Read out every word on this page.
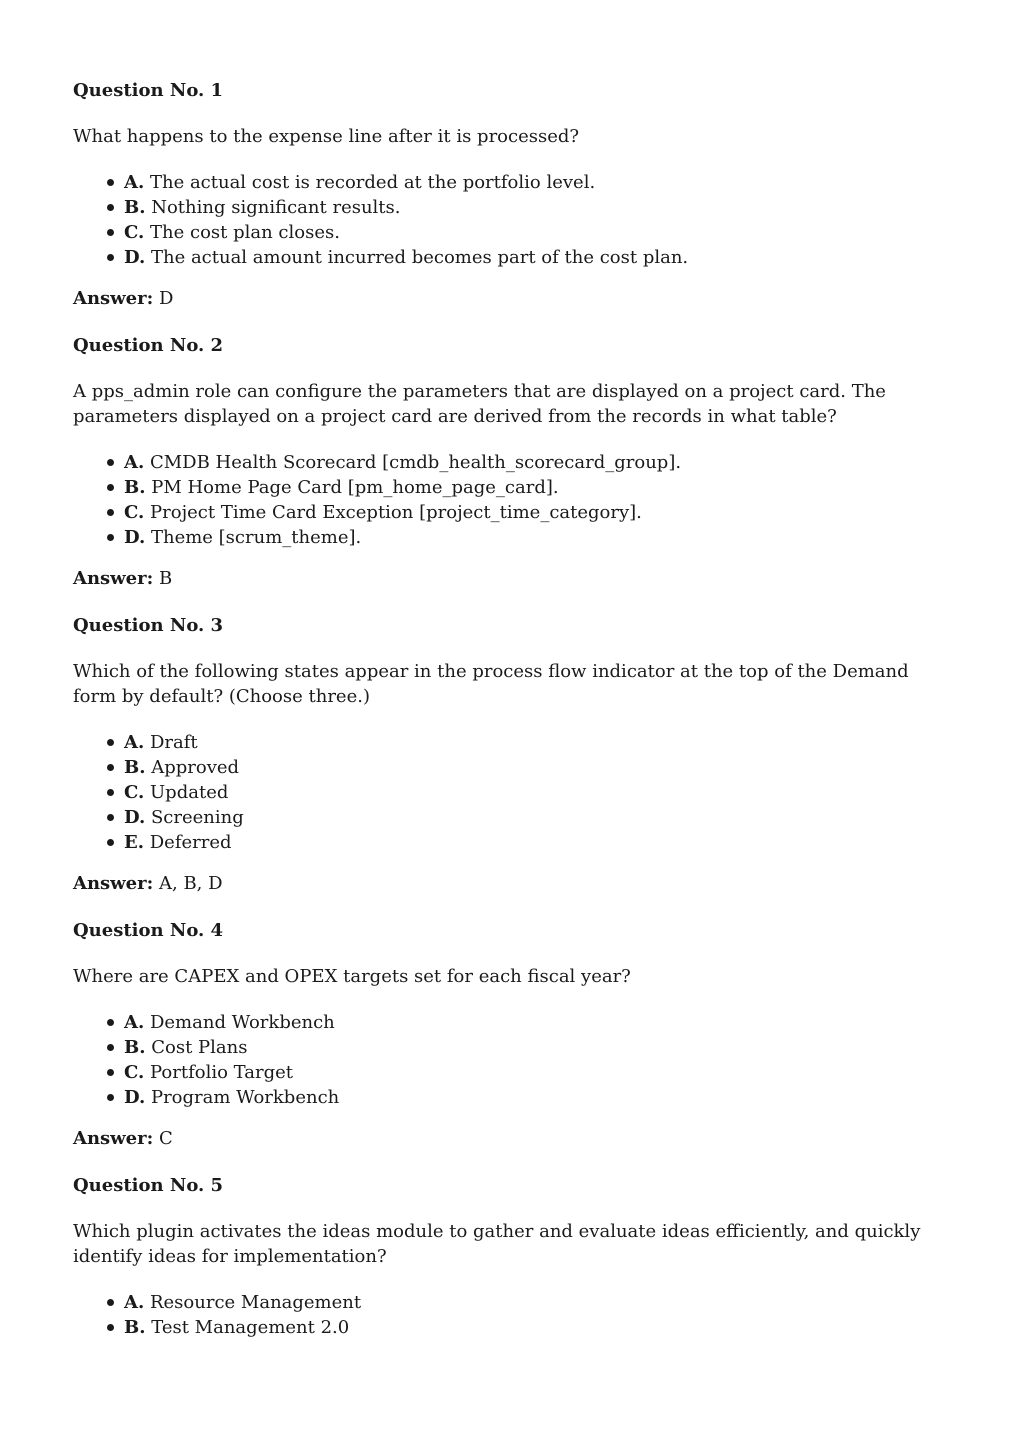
Question No. 1

What happens to the expense line after it is processed?

A. The actual cost is recorded at the portfolio level.
B. Nothing significant results.
C. The cost plan closes.
D. The actual amount incurred becomes part of the cost plan.

Answer: D

Question No. 2

A pps_admin role can configure the parameters that are displayed on a project card. The parameters displayed on a project card are derived from the records in what table?

A. CMDB Health Scorecard [cmdb_health_scorecard_group].
B. PM Home Page Card [pm_home_page_card].
C. Project Time Card Exception [project_time_category].
D. Theme [scrum_theme].

Answer: B

Question No. 3

Which of the following states appear in the process flow indicator at the top of the Demand form by default? (Choose three.)

A. Draft
B. Approved
C. Updated
D. Screening
E. Deferred

Answer: A, B, D

Question No. 4

Where are CAPEX and OPEX targets set for each fiscal year?

A. Demand Workbench
B. Cost Plans
C. Portfolio Target
D. Program Workbench

Answer: C

Question No. 5

Which plugin activates the ideas module to gather and evaluate ideas efficiently, and quickly identify ideas for implementation?

A. Resource Management
B. Test Management 2.0
